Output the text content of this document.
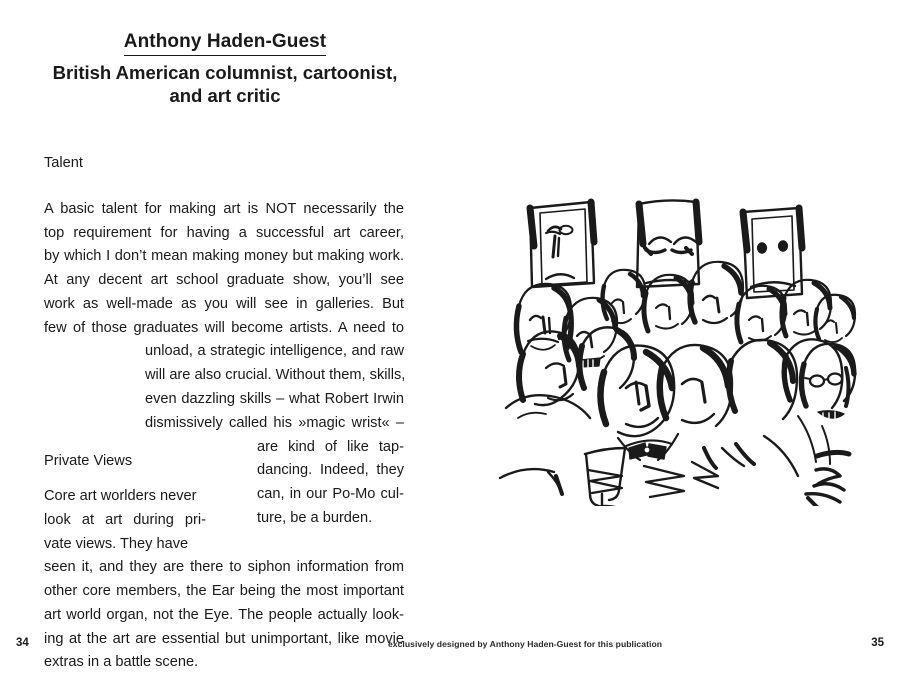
Anthony Haden-Guest
British American columnist, cartoonist, and art critic
Talent
A basic talent for making art is NOT necessarily the
top requirement for having a successful art career,
by which I don’t mean making money but making work.
At any decent art school graduate show, you’ll see
work as well-made as you will see in galleries. But
few of those graduates will become artists. A need to
unload, a strategic intelligence, and raw
will are also crucial. Without them, skills,
even dazzling skills – what Robert Irwin
dismissively called his »magic wrist« –
are kind of like tap-
dancing. Indeed, they
can, in our Po-Mo cul-
ture, be a burden.
Private Views
Core art worlders never
look at art during pri-
vate views. They have
seen it, and they are there to siphon information from
other core members, the Ear being the most important
art world organ, not the Eye. The people actually look-
ing at the art are essential but unimportant, like movie
extras in a battle scene.
34	exclusively designed by Anthony Haden-Guest for this publication	35
